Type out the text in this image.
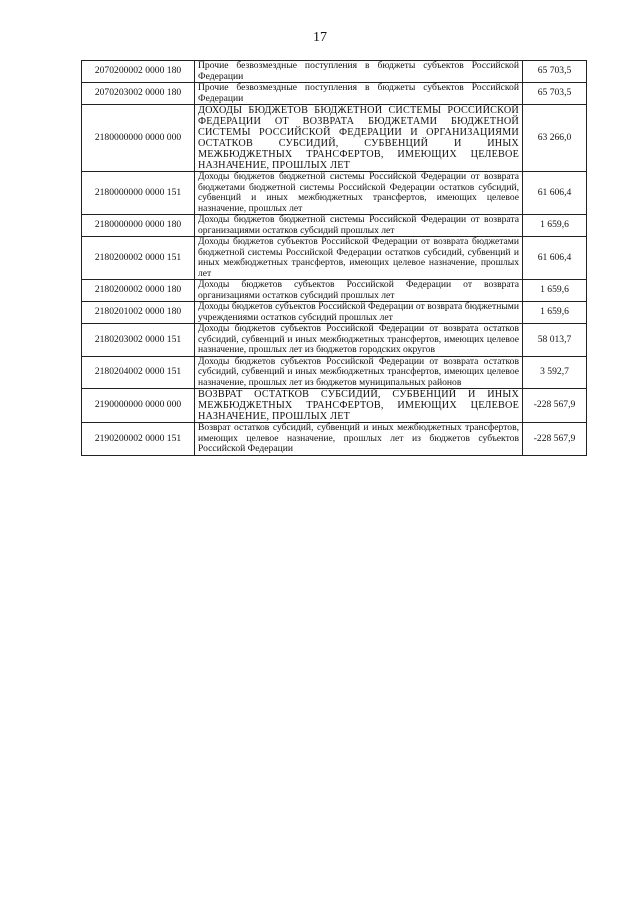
17
2070200002 0000 180	Прочие безвозмездные поступления в бюджеты субъектов Российской Федерации	65 703,5
2070203002 0000 180	Прочие безвозмездные поступления в бюджеты субъектов Российской Федерации	65 703,5
2180000000 0000 000	ДОХОДЫ БЮДЖЕТОВ БЮДЖЕТНОЙ СИСТЕМЫ РОССИЙСКОЙ ФЕДЕРАЦИИ ОТ ВОЗВРАТА БЮДЖЕТАМИ БЮДЖЕТНОЙ СИСТЕМЫ РОССИЙСКОЙ ФЕДЕРАЦИИ И ОРГАНИЗАЦИЯМИ ОСТАТКОВ СУБСИДИЙ, СУБВЕНЦИЙ И ИНЫХ МЕЖБЮДЖЕТНЫХ ТРАНСФЕРТОВ, ИМЕЮЩИХ ЦЕЛЕВОЕ НАЗНАЧЕНИЕ, ПРОШЛЫХ ЛЕТ	63 266,0
2180000000 0000 151	Доходы бюджетов бюджетной системы Российской Федерации от возврата бюджетами бюджетной системы Российской Федерации остатков субсидий, субвенций и иных межбюджетных трансфертов, имеющих целевое назначение, прошлых лет	61 606,4
2180000000 0000 180	Доходы бюджетов бюджетной системы Российской Федерации от возврата организациями остатков субсидий прошлых лет	1 659,6
2180200002 0000 151	Доходы бюджетов субъектов Российской Федерации от возврата бюджетами бюджетной системы Российской Федерации остатков субсидий, субвенций и иных межбюджетных трансфертов, имеющих целевое назначение, прошлых лет	61 606,4
2180200002 0000 180	Доходы бюджетов субъектов Российской Федерации от возврата организациями остатков субсидий прошлых лет	1 659,6
2180201002 0000 180	Доходы бюджетов субъектов Российской Федерации от возврата бюджетными учреждениями остатков субсидий прошлых лет	1 659,6
2180203002 0000 151	Доходы бюджетов субъектов Российской Федерации от возврата остатков субсидий, субвенций и иных межбюджетных трансфертов, имеющих целевое назначение, прошлых лет из бюджетов городских округов	58 013,7
2180204002 0000 151	Доходы бюджетов субъектов Российской Федерации от возврата остатков субсидий, субвенций и иных межбюджетных трансфертов, имеющих целевое назначение, прошлых лет из бюджетов муниципальных районов	3 592,7
2190000000 0000 000	ВОЗВРАТ ОСТАТКОВ СУБСИДИЙ, СУБВЕНЦИЙ И ИНЫХ МЕЖБЮДЖЕТНЫХ ТРАНСФЕРТОВ, ИМЕЮЩИХ ЦЕЛЕВОЕ НАЗНАЧЕНИЕ, ПРОШЛЫХ ЛЕТ	-228 567,9
2190200002 0000 151	Возврат остатков субсидий, субвенций и иных межбюджетных трансфертов, имеющих целевое назначение, прошлых лет из бюджетов субъектов Российской Федерации	-228 567,9
